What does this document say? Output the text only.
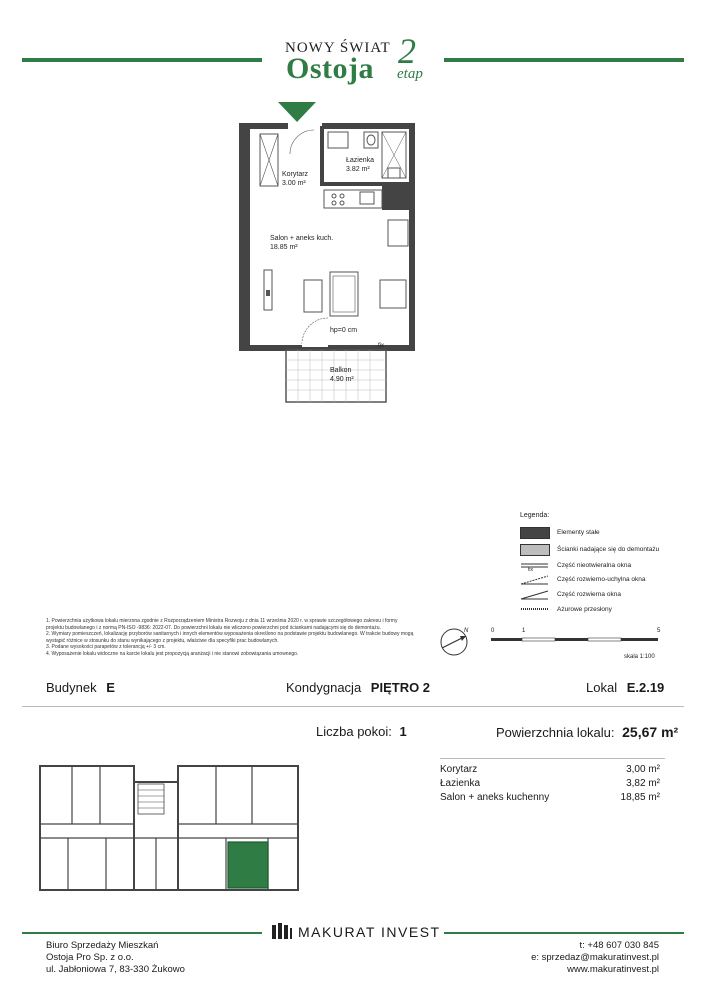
NOWY ŚWIAT
Ostoja 2
etap
Łazienka
3.82 m²
Korytarz
3.00 m²
Salon + aneks kuch.
18.85 m²
Balkon
4.90 m²
hp=0 cm
fix
Legenda:
Elementy stałe
Ścianki nadające się do demontażu
fix
Część nieotwieralna okna
Część rozwierno-uchylna okna
Część rozwierna okna
Ażurowe przesłony
1. Powierzchnia użytkowa lokalu mierzona zgodnie z Rozporządzeniem Ministra Rozwoju z dnia 11 września 2020 r. w sprawie szczegółowego zakresu i formy projektu budowlanego i z normą PN-ISO -9836: 2022-07. Do powierzchni lokalu nie wliczono powierzchni pod ściankami nadającymi się do demontażu.
2. Wymiary pomieszczeń, lokalizację przyborów sanitarnych i innych elementów wyposażenia określono na podstawie projektu budowlanego. W trakcie budowy mogą wystąpić różnice w stosunku do stanu wynikającego z projektu, właściwe dla specyfiki prac budowlanych.
3. Podane wysokości parapetów z tolerancją +/- 3 cm.
4. Wyposażenie lokalu widoczne na karcie lokalu jest propozycją aranżacji i nie stanowi zobowiązania umownego.
N	0	1	5
skala 1:100
Budynek E	Kondygnacja PIĘTRO 2	Lokal E.2.19
Liczba pokoi: 1	Powierzchnia lokalu: 25,67 m²
Korytarz	3,00 m²
Łazienka	3,82 m²
Salon + aneks kuchenny	18,85 m²
MAKURAT INVEST
Biuro Sprzedaży Mieszkań
Ostoja Pro Sp. z o.o.
ul. Jabłoniowa 7, 83-330 Żukowo
t: +48 607 030 845
e: sprzedaz@makuratinvest.pl
www.makuratinvest.pl
